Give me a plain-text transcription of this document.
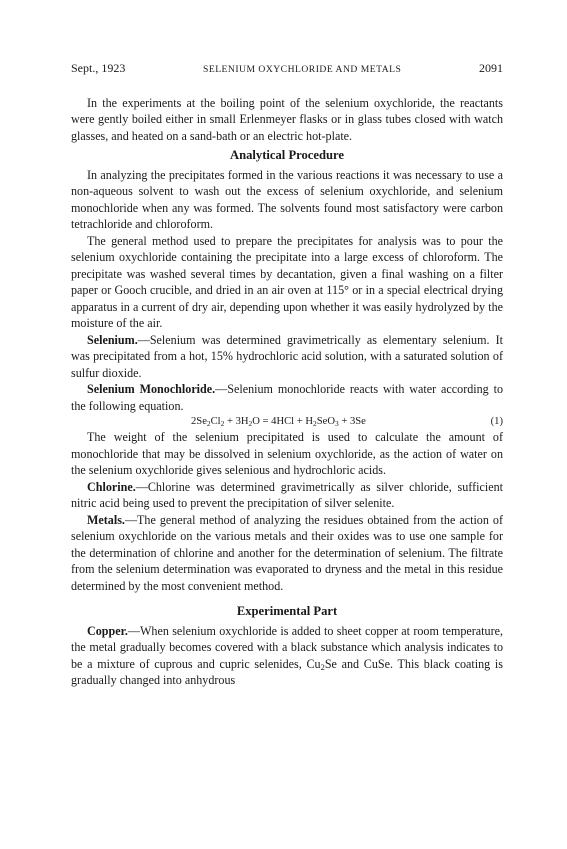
Sept., 1923	SELENIUM OXYCHLORIDE AND METALS	2091

In the experiments at the boiling point of the selenium oxychloride, the reactants were gently boiled either in small Erlenmeyer flasks or in glass tubes closed with watch glasses, and heated on a sand-bath or an electric hot-plate.

Analytical Procedure

In analyzing the precipitates formed in the various reactions it was necessary to use a non-aqueous solvent to wash out the excess of selenium oxychloride, and selenium monochloride when any was formed. The solvents found most satisfactory were carbon tetrachloride and chloroform.

The general method used to prepare the precipitates for analysis was to pour the selenium oxychloride containing the precipitate into a large excess of chloroform. The precipitate was washed several times by decantation, given a final washing on a filter paper or Gooch crucible, and dried in an air oven at 115° or in a special electrical drying apparatus in a current of dry air, depending upon whether it was easily hydrolyzed by the moisture of the air.

Selenium.—Selenium was determined gravimetrically as elementary selenium. It was precipitated from a hot, 15% hydrochloric acid solution, with a saturated solution of sulfur dioxide.

Selenium Monochloride.—Selenium monochloride reacts with water according to the following equation.

$2Se_2Cl_2 + 3H_2O = 4HCl + H_2SeO_3 + 3Se$	(1)

The weight of the selenium precipitated is used to calculate the amount of monochloride that may be dissolved in selenium oxychloride, as the action of water on the selenium oxychloride gives selenious and hydrochloric acids.

Chlorine.—Chlorine was determined gravimetrically as silver chloride, sufficient nitric acid being used to prevent the precipitation of silver selenite.

Metals.—The general method of analyzing the residues obtained from the action of selenium oxychloride on the various metals and their oxides was to use one sample for the determination of chlorine and another for the determination of selenium. The filtrate from the selenium determination was evaporated to dryness and the metal in this residue determined by the most convenient method.

Experimental Part

Copper.—When selenium oxychloride is added to sheet copper at room temperature, the metal gradually becomes covered with a black substance which analysis indicates to be a mixture of cuprous and cupric selenides, $Cu_2Se$ and CuSe. This black coating is gradually changed into anhydrous
